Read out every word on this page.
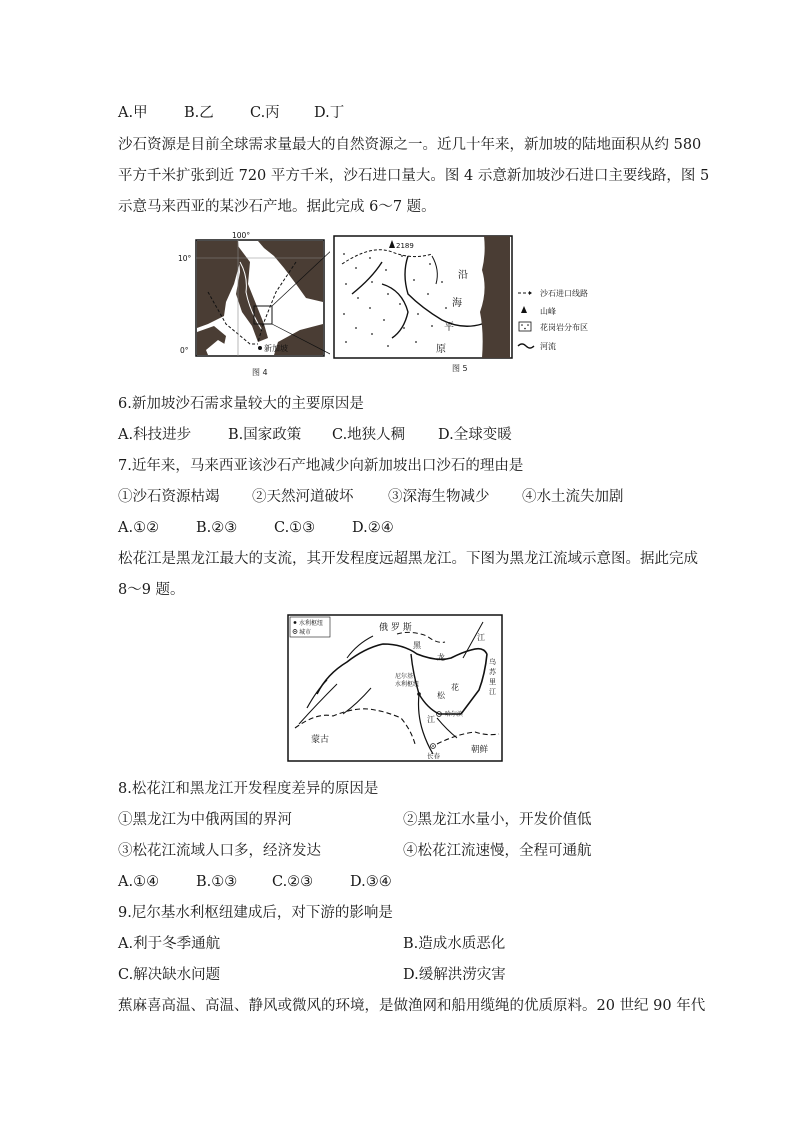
A.甲	B.乙 C.丙 D.丁
沙石资源是目前全球需求量最大的自然资源之一。近几十年来，新加坡的陆地面积从约 580
平方千米扩张到近 720 平方千米，沙石进口量大。图 4 示意新加坡沙石进口主要线路，图 5
示意马来西亚的某沙石产地。据此完成 6～7 题。
100°
10°
0°	新加坡
图 4
2189
沿
海
平
原
图 5
沙石进口线路
山峰
花岗岩分布区
河流
6.新加坡沙石需求量较大的主要原因是
A.科技进步	B.国家政策 C.地狭人稠 D.全球变暖
7.近年来，马来西亚该沙石产地减少向新加坡出口沙石的理由是
①沙石资源枯竭 ②天然河道破坏 ③深海生物减少 ④水土流失加剧
A.①②	B.②③	C.①③	D.②④
松花江是黑龙江最大的支流，其开发程度远超黑龙江。下图为黑龙江流域示意图。据此完成
8～9 题。
水利枢纽
城市	俄 罗 斯
黑
龙
江
乌
苏
里
江
松
花
江
尼尔基
水利枢纽
哈尔滨
长春
蒙古
朝鲜
8.松花江和黑龙江开发程度差异的原因是
①黑龙江为中俄两国的界河	②黑龙江水量小，开发价值低
③松花江流域人口多，经济发达	④松花江流速慢，全程可通航
A.①④	B.①③ C.②③	D.③④
9.尼尔基水利枢纽建成后，对下游的影响是
A.利于冬季通航	B.造成水质恶化
C.解决缺水问题	D.缓解洪涝灾害
蕉麻喜高温、高温、静风或微风的环境，是做渔网和船用缆绳的优质原料。20 世纪 90 年代
